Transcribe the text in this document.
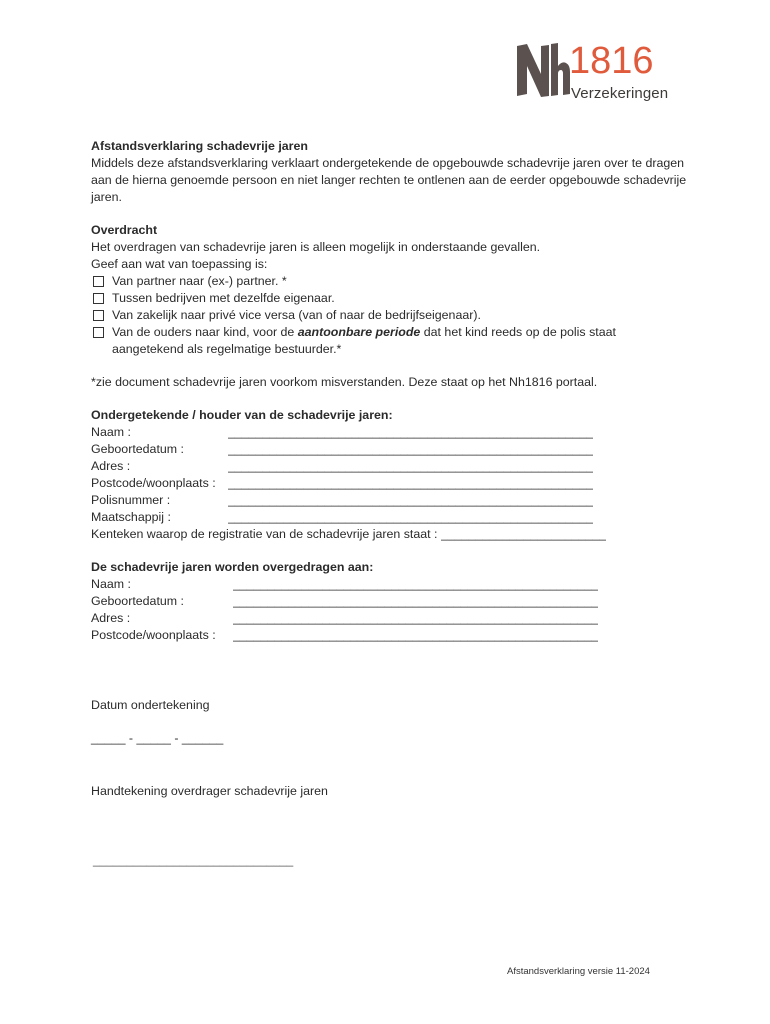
1816
Verzekeringen

Afstandsverklaring schadevrije jaren

Middels deze afstandsverklaring verklaart ondergetekende de opgebouwde schadevrije jaren over te dragen aan de hierna genoemde persoon en niet langer rechten te ontlenen aan de eerder opgebouwde schadevrije jaren.

Overdracht

Het overdragen van schadevrije jaren is alleen mogelijk in onderstaande gevallen.

Geef aan wat van toepassing is:

Van partner naar (ex-) partner. *
Tussen bedrijven met dezelfde eigenaar.
Van zakelijk naar privé vice versa (van of naar de bedrijfseigenaar).
Van de ouders naar kind, voor de aantoonbare periode dat het kind reeds op de polis staat aangetekend als regelmatige bestuurder.*

*zie document schadevrije jaren voorkom misverstanden. Deze staat op het Nh1816 portaal.

Ondergetekende / houder van de schadevrije jaren:

Naam :	_____________________________________________________
Geboortedatum :	_____________________________________________________
Adres :	_____________________________________________________
Postcode/woonplaats : _____________________________________________________
Polisnummer :	_____________________________________________________
Maatschappij :	_____________________________________________________
Kenteken waarop de registratie van de schadevrije jaren staat :
________________________

De schadevrije jaren worden overgedragen aan:

Naam :	_____________________________________________________
Geboortedatum :	_____________________________________________________
Adres :	_____________________________________________________
Postcode/woonplaats :	_____________________________________________________

Datum ondertekening

_____ - _____ - ______

Handtekening overdrager schadevrije jaren

______________________________
Afstandsverklaring versie 11-2024
